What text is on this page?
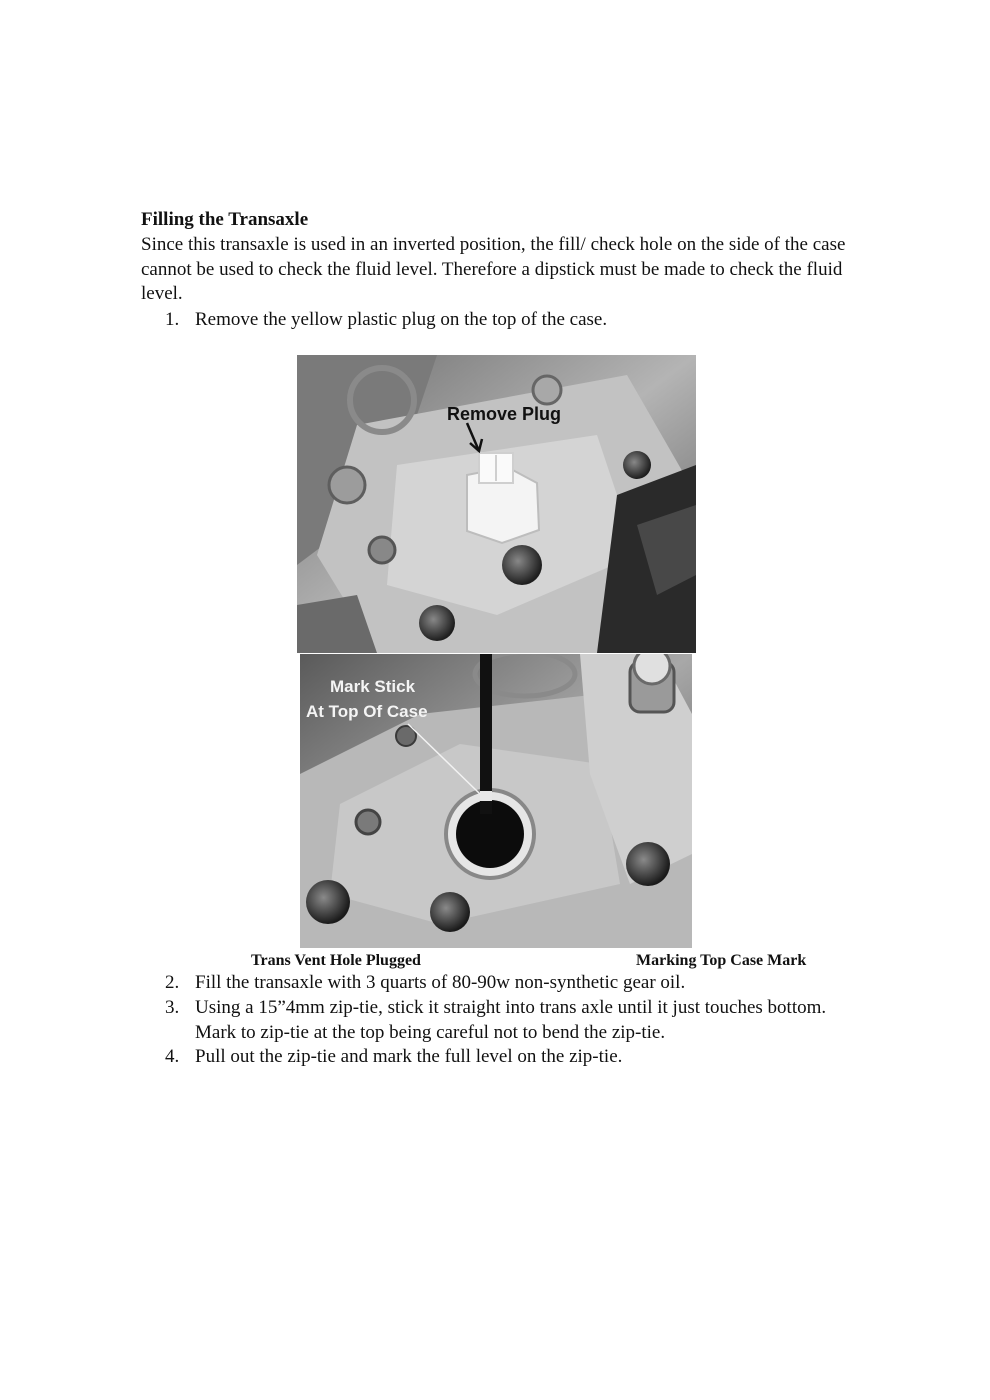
Filling the Transaxle
Since this transaxle is used in an inverted position, the fill/ check hole on the side of the case cannot be used to check the fluid level. Therefore a dipstick must be made to check the fluid level.
1. Remove the yellow plastic plug on the top of the case.
Remove Plug
Mark Stick
At Top Of Case
Trans Vent Hole Plugged	Marking Top Case Mark
2. Fill the transaxle with 3 quarts of 80-90w non-synthetic gear oil.
3. Using a 15”4mm zip-tie, stick it straight into trans axle until it just touches bottom. Mark to zip-tie at the top being careful not to bend the zip-tie.
4. Pull out the zip-tie and mark the full level on the zip-tie.
